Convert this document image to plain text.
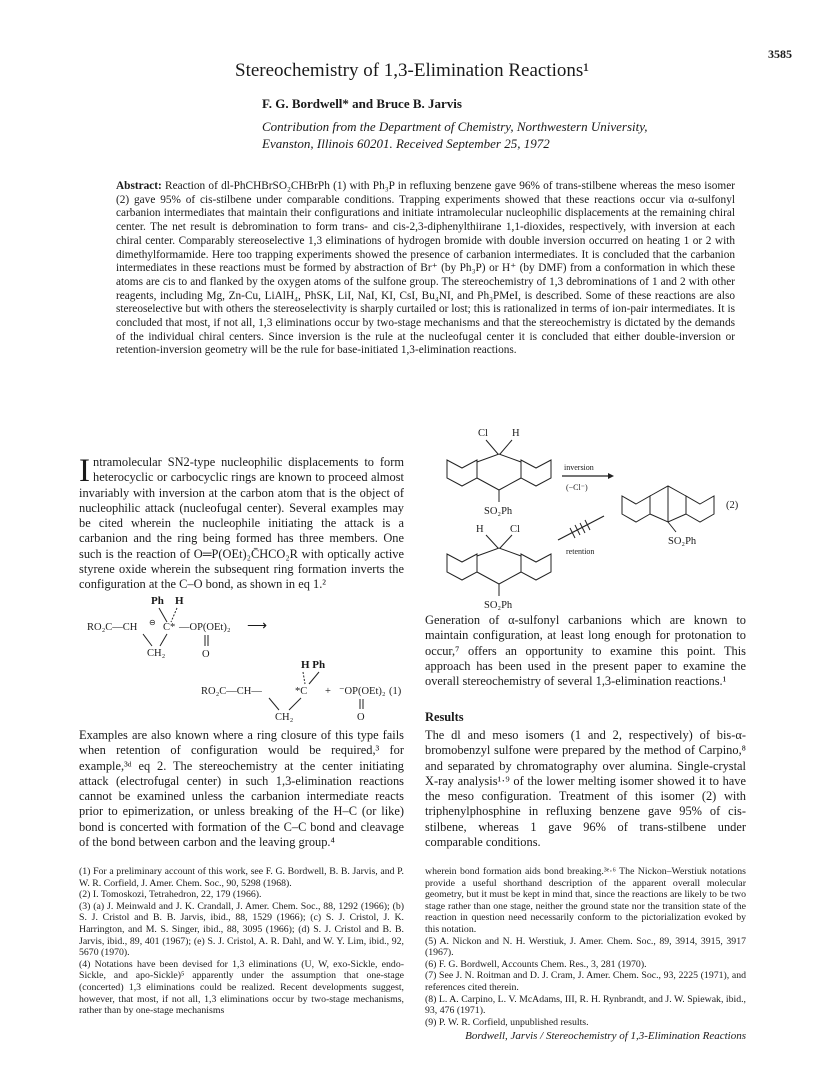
3585
Stereochemistry of 1,3-Elimination Reactions¹
F. G. Bordwell* and Bruce B. Jarvis
Contribution from the Department of Chemistry, Northwestern University,
Evanston, Illinois 60201. Received September 25, 1972
Abstract: Reaction of dl-PhCHBrSO₂CHBrPh (1) with Ph₃P in refluxing benzene gave 96% of trans-stilbene whereas the meso isomer (2) gave 95% of cis-stilbene under comparable conditions. Trapping experiments showed that these reactions occur via α-sulfonyl carbanion intermediates that maintain their configurations and initiate intramolecular nucleophilic displacements at the remaining chiral center. The net result is debromination to form trans- and cis-2,3-diphenylthiirane 1,1-dioxides, respectively, with inversion at each chiral center. Comparably stereoselective 1,3 eliminations of hydrogen bromide with double inversion occurred on heating 1 or 2 with dimethylformamide. Here too trapping experiments showed the presence of carbanion intermediates. It is concluded that the carbanion intermediates in these reactions must be formed by abstraction of Br⁺ (by Ph₃P) or H⁺ (by DMF) from a conformation in which these atoms are cis to and flanked by the oxygen atoms of the sulfone group. The stereochemistry of 1,3 debrominations of 1 and 2 with other reagents, including Mg, Zn-Cu, LiAlH₄, PhSK, LiI, NaI, KI, CsI, Bu₄NI, and Ph₃PMeI, is described. Some of these reactions are also stereoselective but with others the stereoselectivity is sharply curtailed or lost; this is rationalized in terms of ion-pair intermediates. It is concluded that most, if not all, 1,3 eliminations occur by two-stage mechanisms and that the stereochemistry is dictated by the demands of the individual chiral centers. Since inversion is the rule at the nucleofugal center it is concluded that either double-inversion or retention-inversion geometry will be the rule for base-initiated 1,3-elimination reactions.
I ntramolecular SN2-type nucleophilic displacements to form heterocyclic or carbocyclic rings are known to proceed almost invariably with inversion at the carbon atom that is the object of nucleophilic attack (nucleofugal center). Several examples may be cited wherein the nucleophile initiating the attack is a carbanion and the ring being formed has three members. One such is the reaction of O═P(OEt)₂C̄HCO₂R with optically active styrene oxide wherein the subsequent ring formation inverts the configuration at the C–O bond, as shown in eq 1.²
Ph H
RO₂C—CH ⊖ C* —OP(OEt)₂ ⟶
O
CH₂
H Ph
RO₂C—CH—	*C + ⁻OP(OEt)₂ (1)
CH₂	O
Examples are also known where a ring closure of this type fails when retention of configuration would be required,³ for example,³ᵈ eq 2. The stereochemistry at the center initiating attack (electrofugal center) in such 1,3-elimination reactions cannot be examined unless the carbanion intermediate reacts prior to epimerization, or unless breaking of the H–C (or like) bond is concerted with formation of the C–C bond and cleavage of the bond between carbon and the leaving group.⁴
Cl H
SO₂Ph
inversion
(−Cl⁻)
retention
SO₂Ph
(2)
H	Cl
SO₂Ph
Generation of α-sulfonyl carbanions which are known to maintain configuration, at least long enough for protonation to occur,⁷ offers an opportunity to examine this point. This approach has been used in the present paper to examine the overall stereochemistry of several 1,3-elimination reactions.¹
Results
The dl and meso isomers (1 and 2, respectively) of bis-α-bromobenzyl sulfone were prepared by the method of Carpino,⁸ and separated by chromatography over alumina. Single-crystal X-ray analysis¹·⁹ of the lower melting isomer showed it to have the meso configuration. Treatment of this isomer (2) with triphenylphosphine in refluxing benzene gave 95% of cis-stilbene, whereas 1 gave 96% of trans-stilbene under comparable conditions.

(1) For a preliminary account of this work, see F. G. Bordwell, B. B. Jarvis, and P. W. R. Corfield, J. Amer. Chem. Soc., 90, 5298 (1968).

(2) I. Tomoskozi, Tetrahedron, 22, 179 (1966).

(3) (a) J. Meinwald and J. K. Crandall, J. Amer. Chem. Soc., 88, 1292 (1966); (b) S. J. Cristol and B. B. Jarvis, ibid., 88, 1529 (1966); (c) S. J. Cristol, J. K. Harrington, and M. S. Singer, ibid., 88, 3095 (1966); (d) S. J. Cristol and B. B. Jarvis, ibid., 89, 401 (1967); (e) S. J. Cristol, A. R. Dahl, and W. Y. Lim, ibid., 92, 5670 (1970).

(4) Notations have been devised for 1,3 eliminations (U, W, exo-Sickle, endo-Sickle, and apo-Sickle)⁵ apparently under the assumption that one-stage (concerted) 1,3 eliminations could be realized. Recent developments suggest, however, that most, if not all, 1,3 eliminations occur by two-stage mechanisms, rather than by one-stage mechanisms

wherein bond formation aids bond breaking.³ᵉ·⁶ The Nickon–Werstiuk notations provide a useful shorthand description of the apparent overall molecular geometry, but it must be kept in mind that, since the reactions are likely to be two stage rather than one stage, neither the ground state nor the transition state of the reaction in question need necessarily conform to the pictorialization evoked by this notation.

(5) A. Nickon and N. H. Werstiuk, J. Amer. Chem. Soc., 89, 3914, 3915, 3917 (1967).

(6) F. G. Bordwell, Accounts Chem. Res., 3, 281 (1970).

(7) See J. N. Roitman and D. J. Cram, J. Amer. Chem. Soc., 93, 2225 (1971), and references cited therein.

(8) L. A. Carpino, L. V. McAdams, III, R. H. Rynbrandt, and J. W. Spiewak, ibid., 93, 476 (1971).

(9) P. W. R. Corfield, unpublished results.

Bordwell, Jarvis / Stereochemistry of 1,3-Elimination Reactions
